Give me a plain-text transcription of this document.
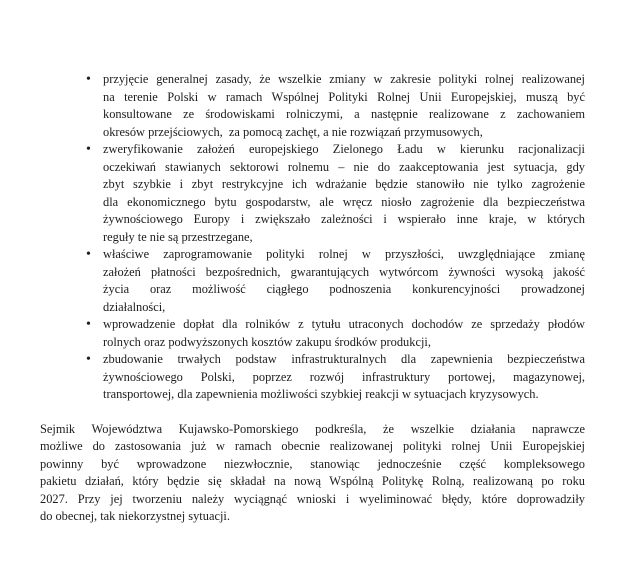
• przyjęcie generalnej zasady, że wszelkie zmiany w zakresie polityki rolnej realizowanej
na terenie Polski w ramach Wspólnej Polityki Rolnej Unii Europejskiej, muszą być
konsultowane ze środowiskami rolniczymi, a następnie realizowane z zachowaniem
okresów przejściowych,  za pomocą zachęt, a nie rozwiązań przymusowych,
• zweryfikowanie założeń europejskiego Zielonego Ładu w kierunku racjonalizacji
oczekiwań stawianych sektorowi rolnemu – nie do zaakceptowania jest sytuacja, gdy
zbyt szybkie i zbyt restrykcyjne ich wdrażanie będzie stanowiło nie tylko zagrożenie
dla ekonomicznego bytu gospodarstw, ale wręcz niosło zagrożenie dla bezpieczeństwa
żywnościowego Europy i zwiększało zależności i wspierało inne kraje, w których
reguły te nie są przestrzegane,
• właściwe zaprogramowanie polityki rolnej w przyszłości, uwzględniające zmianę
założeń płatności bezpośrednich, gwarantujących wytwórcom żywności wysoką jakość
życia oraz możliwość ciągłego podnoszenia konkurencyjności prowadzonej
działalności,
• wprowadzenie dopłat dla rolników z tytułu utraconych dochodów ze sprzedaży płodów
rolnych oraz podwyższonych kosztów zakupu środków produkcji,
• zbudowanie trwałych podstaw infrastrukturalnych dla zapewnienia bezpieczeństwa
żywnościowego Polski, poprzez rozwój infrastruktury portowej, magazynowej,
transportowej, dla zapewnienia możliwości szybkiej reakcji w sytuacjach kryzysowych.
Sejmik Województwa Kujawsko-Pomorskiego podkreśla, że wszelkie działania naprawcze
możliwe do zastosowania już w ramach obecnie realizowanej polityki rolnej Unii Europejskiej
powinny być wprowadzone niezwłocznie, stanowiąc jednocześnie część kompleksowego
pakietu działań, który będzie się składał na nową Wspólną Politykę Rolną, realizowaną po roku
2027. Przy jej tworzeniu należy wyciągnąć wnioski i wyeliminować błędy, które doprowadziły
do obecnej, tak niekorzystnej sytuacji.
